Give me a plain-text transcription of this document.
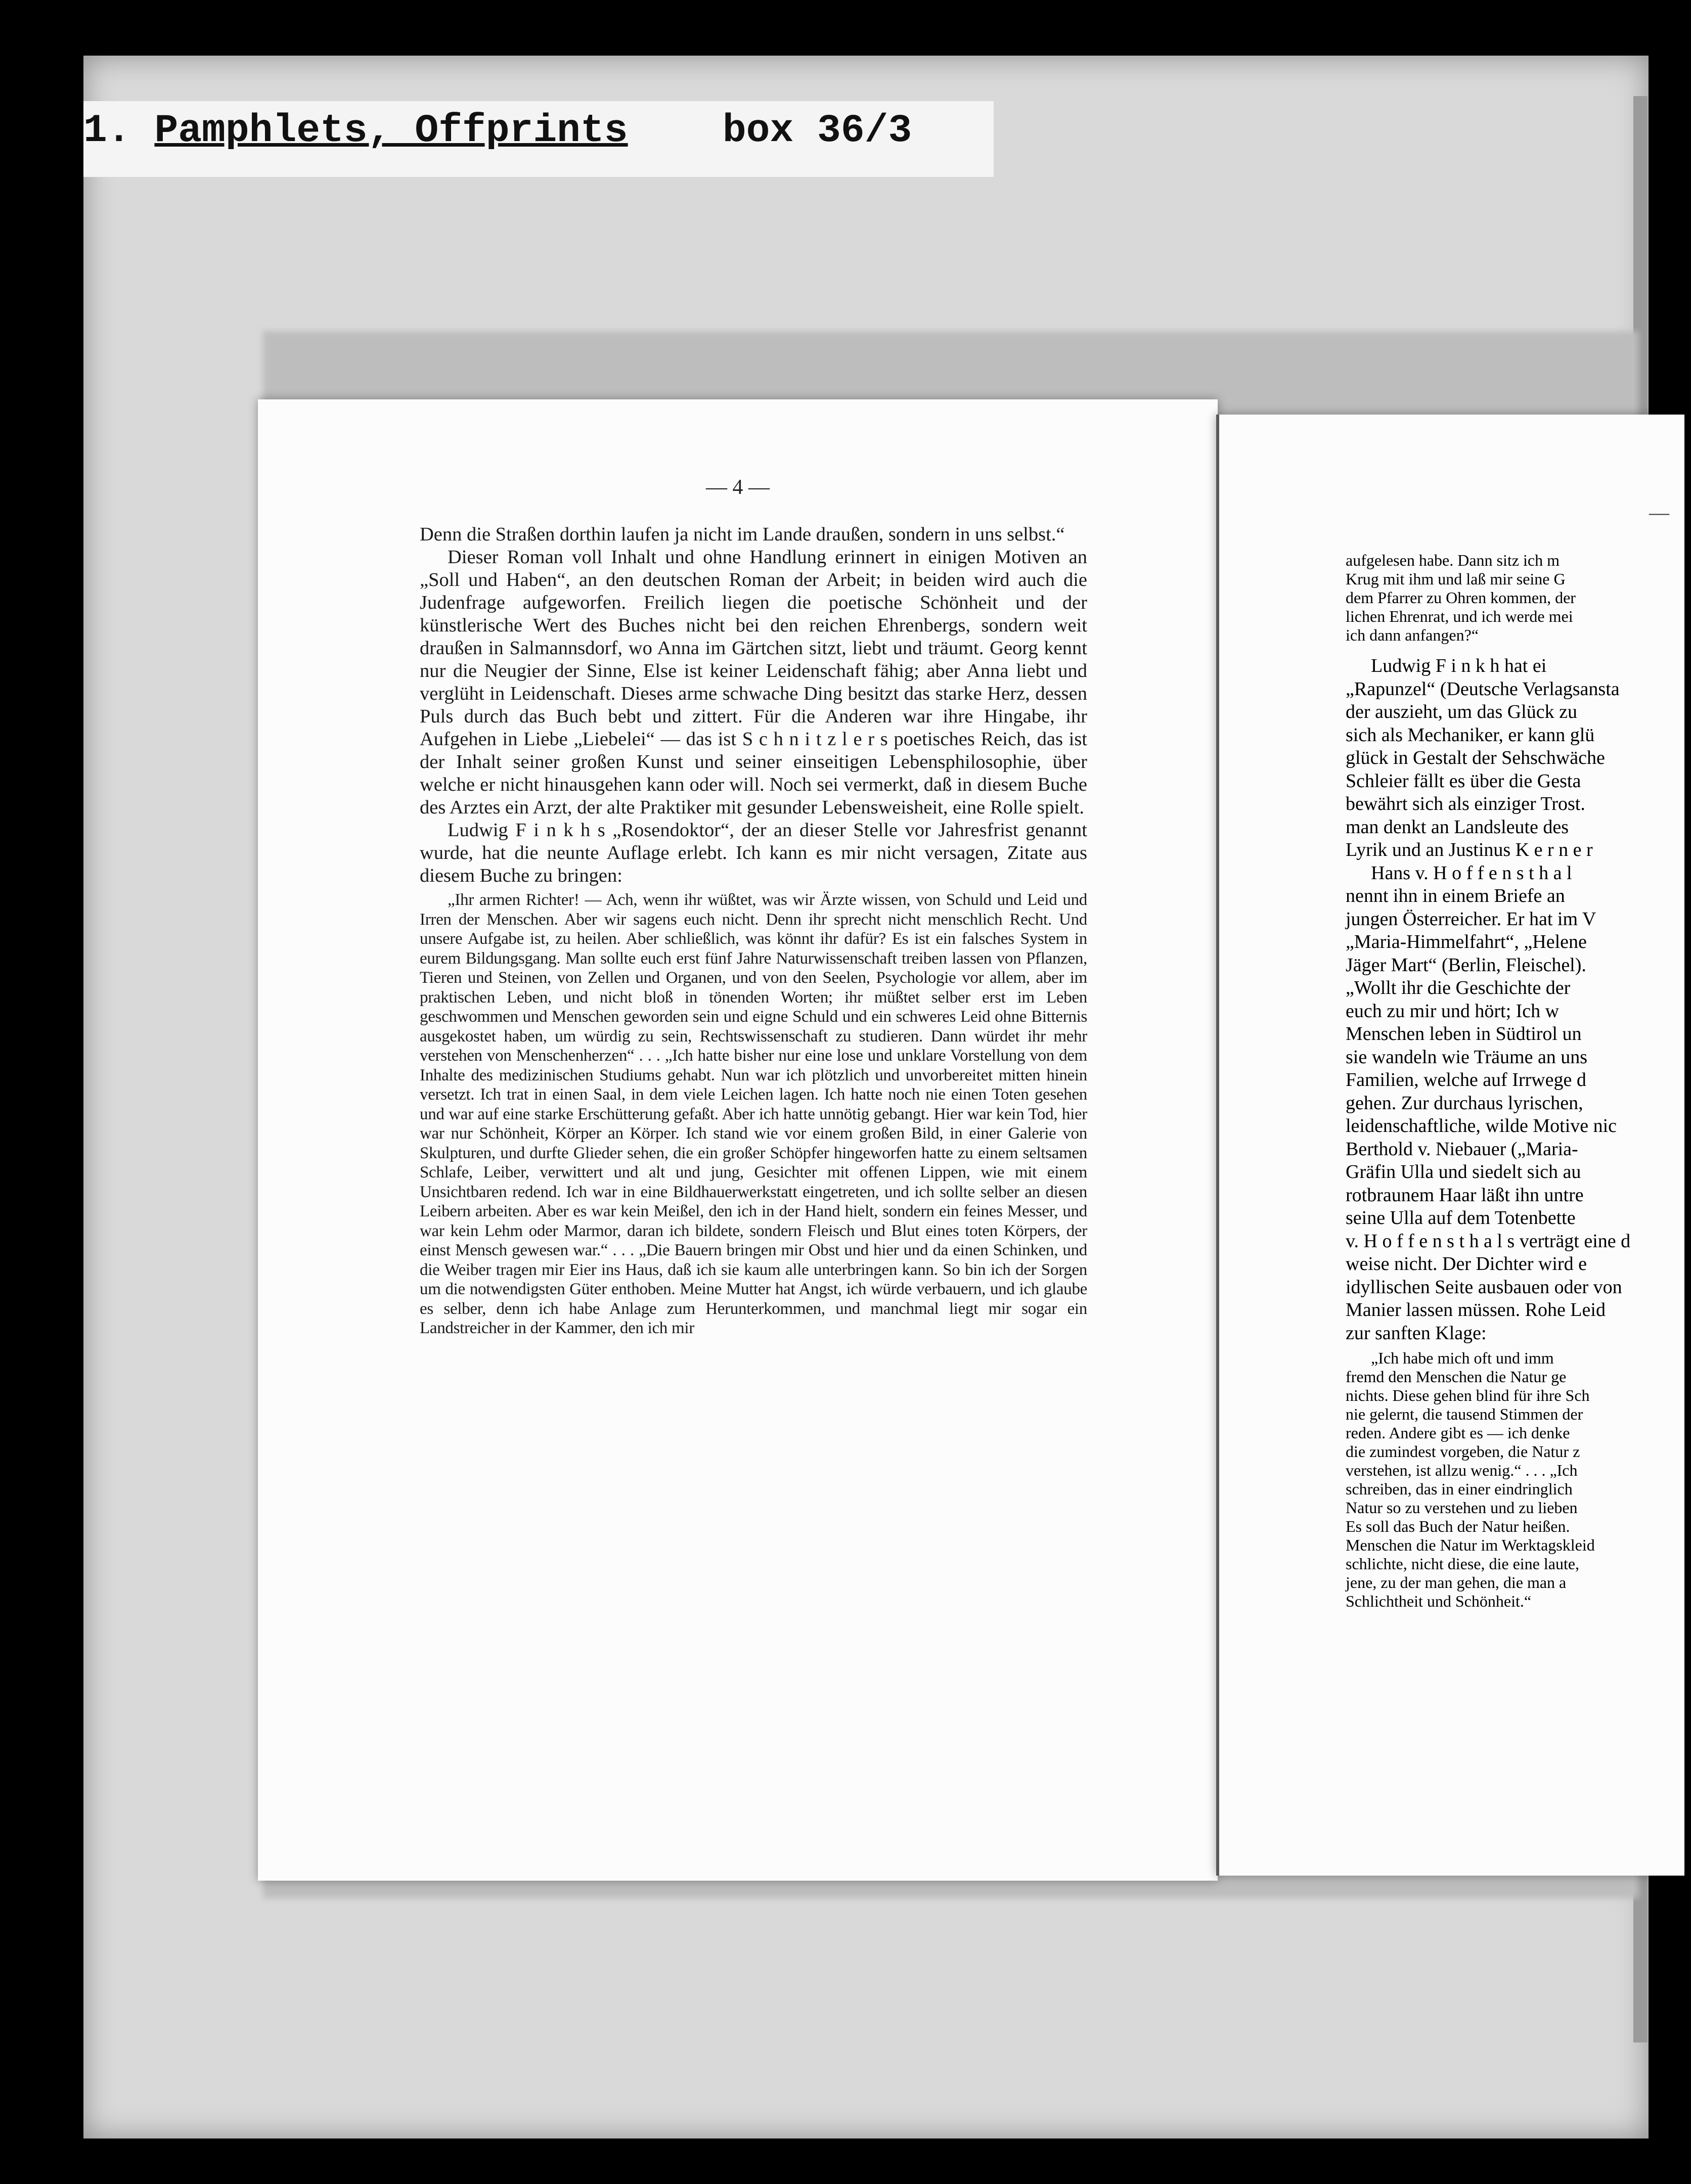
1. Pamphlets, Offprints box 36/3
— 4 —

Denn die Straßen dorthin laufen ja nicht im Lande draußen, sondern in uns selbst.“

Dieser Roman voll Inhalt und ohne Handlung erinnert in einigen Motiven an „Soll und Haben“, an den deutschen Roman der Arbeit; in beiden wird auch die Judenfrage aufgeworfen. Freilich liegen die poetische Schönheit und der künstlerische Wert des Buches nicht bei den reichen Ehrenbergs, sondern weit draußen in Salmannsdorf, wo Anna im Gärtchen sitzt, liebt und träumt. Georg kennt nur die Neugier der Sinne, Else ist keiner Leidenschaft fähig; aber Anna liebt und verglüht in Leidenschaft. Dieses arme schwache Ding besitzt das starke Herz, dessen Puls durch das Buch bebt und zittert. Für die Anderen war ihre Hingabe, ihr Aufgehen in Liebe „Liebelei“ — das ist S c h n i t z l e r s poetisches Reich, das ist der Inhalt seiner großen Kunst und seiner einseitigen Lebensphilosophie, über welche er nicht hinausgehen kann oder will. Noch sei vermerkt, daß in diesem Buche des Arztes ein Arzt, der alte Praktiker mit gesunder Lebensweisheit, eine Rolle spielt.

Ludwig F i n k h s „Rosendoktor“, der an dieser Stelle vor Jahresfrist genannt wurde, hat die neunte Auflage erlebt. Ich kann es mir nicht versagen, Zitate aus diesem Buche zu bringen:

„Ihr armen Richter! — Ach, wenn ihr wüßtet, was wir Ärzte wissen, von Schuld und Leid und Irren der Menschen. Aber wir sagens euch nicht. Denn ihr sprecht nicht menschlich Recht. Und unsere Aufgabe ist, zu heilen. Aber schließlich, was könnt ihr dafür? Es ist ein falsches System in eurem Bildungsgang. Man sollte euch erst fünf Jahre Naturwissenschaft treiben lassen von Pflanzen, Tieren und Steinen, von Zellen und Organen, und von den Seelen, Psychologie vor allem, aber im praktischen Leben, und nicht bloß in tönenden Worten; ihr müßtet selber erst im Leben geschwommen und Menschen geworden sein und eigne Schuld und ein schweres Leid ohne Bitternis ausgekostet haben, um würdig zu sein, Rechtswissenschaft zu studieren. Dann würdet ihr mehr verstehen von Menschenherzen“ . . . „Ich hatte bisher nur eine lose und unklare Vorstellung von dem Inhalte des medizinischen Studiums gehabt. Nun war ich plötzlich und unvorbereitet mitten hinein versetzt. Ich trat in einen Saal, in dem viele Leichen lagen. Ich hatte noch nie einen Toten gesehen und war auf eine starke Erschütterung gefaßt. Aber ich hatte unnötig gebangt. Hier war kein Tod, hier war nur Schönheit, Körper an Körper. Ich stand wie vor einem großen Bild, in einer Galerie von Skulpturen, und durfte Glieder sehen, die ein großer Schöpfer hingeworfen hatte zu einem seltsamen Schlafe, Leiber, verwittert und alt und jung, Gesichter mit offenen Lippen, wie mit einem Unsichtbaren redend. Ich war in eine Bildhauerwerkstatt eingetreten, und ich sollte selber an diesen Leibern arbeiten. Aber es war kein Meißel, den ich in der Hand hielt, sondern ein feines Messer, und war kein Lehm oder Marmor, daran ich bildete, sondern Fleisch und Blut eines toten Körpers, der einst Mensch gewesen war.“ . . . „Die Bauern bringen mir Obst und hier und da einen Schinken, und die Weiber tragen mir Eier ins Haus, daß ich sie kaum alle unterbringen kann. So bin ich der Sorgen um die notwendigsten Güter enthoben. Meine Mutter hat Angst, ich würde verbauern, und ich glaube es selber, denn ich habe Anlage zum Herunterkommen, und manchmal liegt mir sogar ein Landstreicher in der Kammer, den ich mir

—
aufgelesen habe. Dann sitz ich m
Krug mit ihm und laß mir seine G
dem Pfarrer zu Ohren kommen, der
lichen Ehrenrat, und ich werde mei
ich dann anfangen?“
Ludwig F i n k h hat ei
„Rapunzel“ (Deutsche Verlagsansta
der auszieht, um das Glück zu
sich als Mechaniker, er kann glü
glück in Gestalt der Sehschwäche
Schleier fällt es über die Gesta
bewährt sich als einziger Trost.
man denkt an Landsleute des
Lyrik und an Justinus K e r n e r
Hans v. H o f f e n s t h a l
nennt ihn in einem Briefe an
jungen Österreicher. Er hat im V
„Maria-Himmelfahrt“, „Helene
Jäger Mart“ (Berlin, Fleischel).
„Wollt ihr die Geschichte der
euch zu mir und hört; Ich w
Menschen leben in Südtirol un
sie wandeln wie Träume an uns
Familien, welche auf Irrwege d
gehen. Zur durchaus lyrischen,
leidenschaftliche, wilde Motive nic
Berthold v. Niebauer („Maria-
Gräfin Ulla und siedelt sich au
rotbraunem Haar läßt ihn untre
seine Ulla auf dem Totenbette
v. H o f f e n s t h a l s verträgt eine d
weise nicht. Der Dichter wird e
idyllischen Seite ausbauen oder von
Manier lassen müssen. Rohe Leid
zur sanften Klage:
„Ich habe mich oft und imm
fremd den Menschen die Natur ge
nichts. Diese gehen blind für ihre Sch
nie gelernt, die tausend Stimmen der
reden. Andere gibt es — ich denke
die zumindest vorgeben, die Natur z
verstehen, ist allzu wenig.“ . . . „Ich
schreiben, das in einer eindringlich
Natur so zu verstehen und zu lieben
Es soll das Buch der Natur heißen.
Menschen die Natur im Werktagskleid
schlichte, nicht diese, die eine laute,
jene, zu der man gehen, die man a
Schlichtheit und Schönheit.“
